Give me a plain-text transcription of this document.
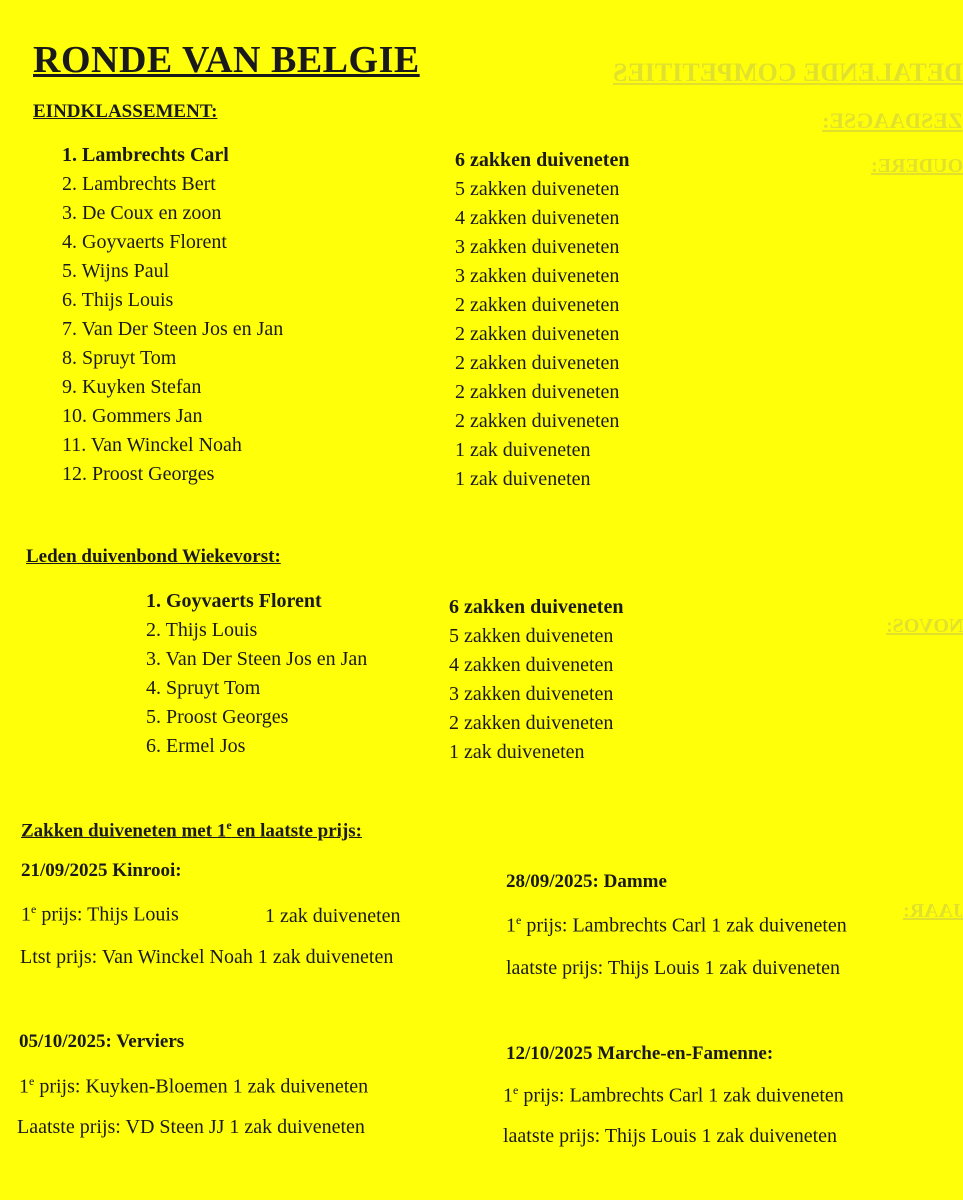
DETALENDE COMPETITIES
ZESDAAGSE:
OUDERE:
NOVOS:
JAAR:
RONDE VAN BELGIE
EINDKLASSEMENT:
1. Lambrechts Carl
2. Lambrechts Bert
3. De Coux en zoon
4. Goyvaerts Florent
5. Wijns Paul
6. Thijs Louis
7. Van Der Steen Jos en Jan
8. Spruyt Tom
9. Kuyken Stefan
10. Gommers Jan
11. Van Winckel Noah
12. Proost Georges
6 zakken duiveneten
5 zakken duiveneten
4 zakken duiveneten
3 zakken duiveneten
3 zakken duiveneten
2 zakken duiveneten
2 zakken duiveneten
2 zakken duiveneten
2 zakken duiveneten
2 zakken duiveneten
1 zak duiveneten
1 zak duiveneten
Leden duivenbond Wiekevorst:
1. Goyvaerts Florent
2. Thijs Louis
3. Van Der Steen Jos en Jan
4. Spruyt Tom
5. Proost Georges
6. Ermel Jos
6 zakken duiveneten
5 zakken duiveneten
4 zakken duiveneten
3 zakken duiveneten
2 zakken duiveneten
1 zak duiveneten
Zakken duiveneten met 1e en laatste prijs:
21/09/2025 Kinrooi:
1e prijs: Thijs Louis	1 zak duiveneten
Ltst prijs: Van Winckel Noah 1 zak duiveneten
28/09/2025: Damme
1e prijs: Lambrechts Carl 1 zak duiveneten
laatste prijs: Thijs Louis 1 zak duiveneten
05/10/2025: Verviers
1e prijs: Kuyken-Bloemen 1 zak duiveneten
Laatste prijs: VD Steen JJ 1 zak duiveneten
12/10/2025 Marche-en-Famenne:
1e prijs: Lambrechts Carl 1 zak duiveneten
laatste prijs: Thijs Louis 1 zak duiveneten
